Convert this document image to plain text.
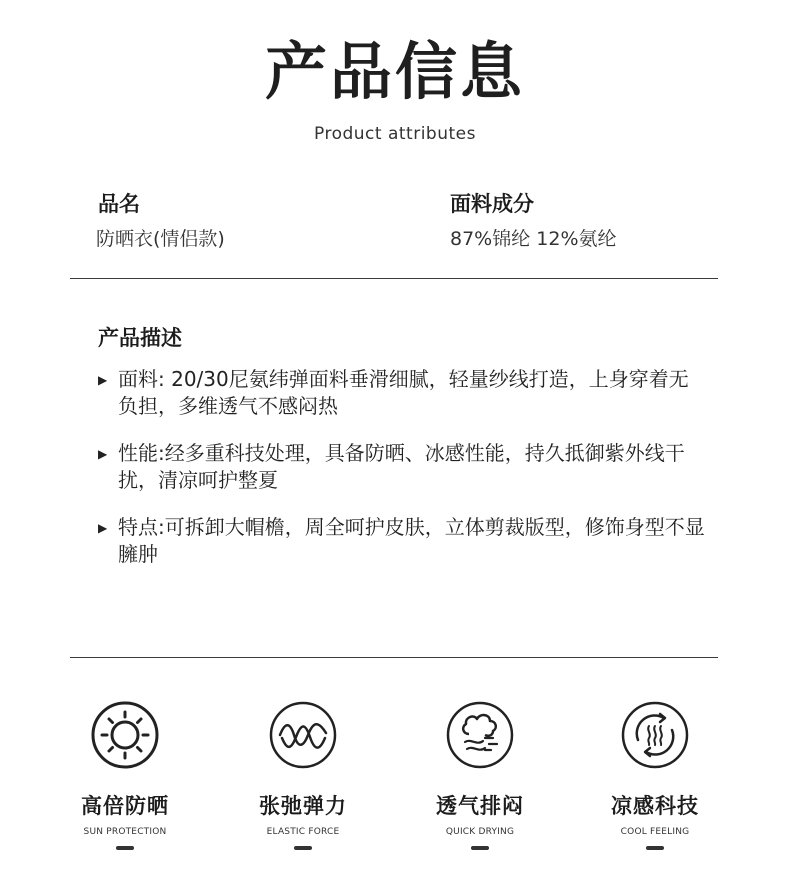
产品信息
Product attributes
品名
防晒衣(情侣款)
面料成分
87%锦纶 12%氨纶
产品描述
▶ 面料: 20/30尼氨纬弹面料垂滑细腻，轻量纱线打造，上身穿着无负担，多维透气不感闷热
▶ 性能:经多重科技处理，具备防晒、冰感性能，持久抵御紫外线干扰，清凉呵护整夏
▶ 特点:可拆卸大帽檐，周全呵护皮肤，立体剪裁版型，修饰身型不显臃肿
高倍防晒
SUN PROTECTION
张弛弹力
ELASTIC FORCE
透气排闷
QUICK DRYING
凉感科技
COOL FEELING
